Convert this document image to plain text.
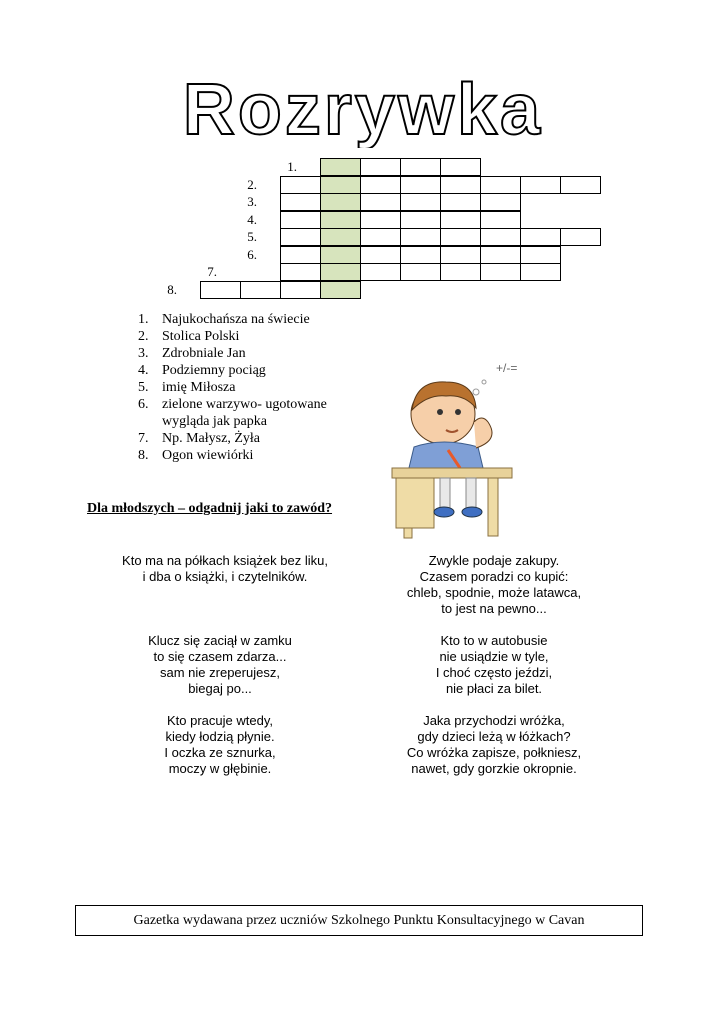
Rozrywka
1.
2.
3.
4.
5.
6.
7.
8.
1. Najukochańsza na świecie
2. Stolica Polski
3. Zdrobniale Jan
4. Podziemny pociąg
5. imię Miłosza
6. zielone warzywo- ugotowane wygląda jak papka
7. Np. Małysz, Żyła
8. Ogon wiewiórki
+/-=
Dla młodszych – odgadnij jaki to zawód?
Kto ma na półkach książek bez liku,
i dba o książki, i czytelników.
Zwykle podaje zakupy.
Czasem poradzi co kupić:
chleb, spodnie, może latawca,
to jest na pewno...
Klucz się zaciął w zamku
to się czasem zdarza...
sam nie zreperujesz,
biegaj po...
Kto to w autobusie
nie usiądzie w tyle,
I choć często jeździ,
nie płaci za bilet.
Kto pracuje wtedy,
kiedy łodzią płynie.
I oczka ze sznurka,
moczy w głębinie.
Jaka przychodzi wróżka,
gdy dzieci leżą w łóżkach?
Co wróżka zapisze, połkniesz,
nawet, gdy gorzkie okropnie.
Gazetka wydawana przez uczniów Szkolnego Punktu Konsultacyjnego w Cavan
